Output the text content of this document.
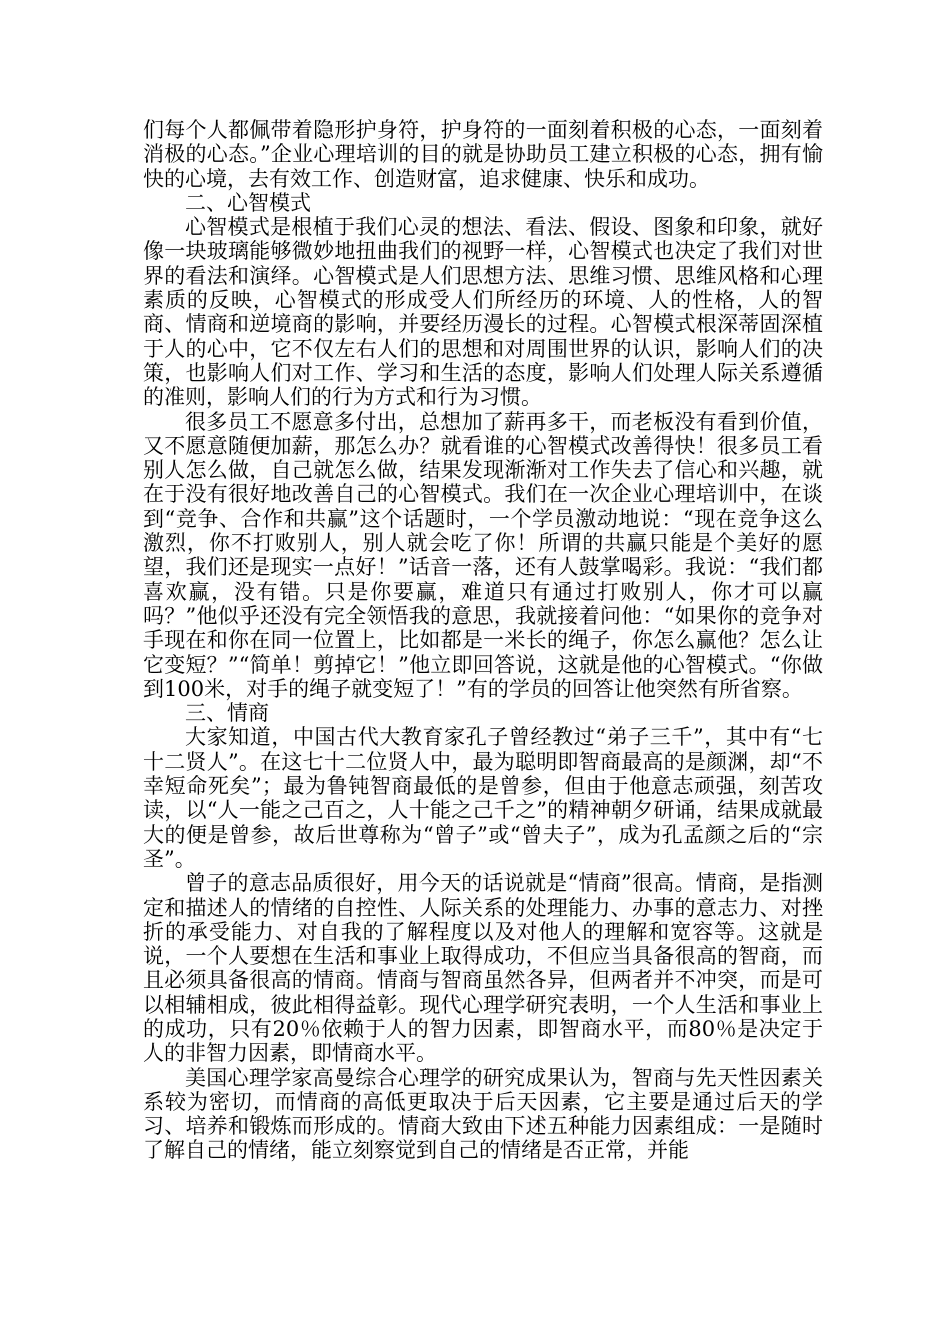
们每个人都佩带着隐形护身符，护身符的一面刻着积极的心态，一面刻着消极的心态。”企业心理培训的目的就是协助员工建立积极的心态，拥有愉快的心境，去有效工作、创造财富，追求健康、快乐和成功。

二、心智模式

心智模式是根植于我们心灵的想法、看法、假设、图象和印象，就好像一块玻璃能够微妙地扭曲我们的视野一样，心智模式也决定了我们对世界的看法和演绎。心智模式是人们思想方法、思维习惯、思维风格和心理素质的反映，心智模式的形成受人们所经历的环境、人的性格，人的智商、情商和逆境商的影响，并要经历漫长的过程。心智模式根深蒂固深植于人的心中，它不仅左右人们的思想和对周围世界的认识，影响人们的决策，也影响人们对工作、学习和生活的态度，影响人们处理人际关系遵循的准则，影响人们的行为方式和行为习惯。

很多员工不愿意多付出，总想加了薪再多干，而老板没有看到价值，又不愿意随便加薪，那怎么办？就看谁的心智模式改善得快！很多员工看别人怎么做，自己就怎么做，结果发现渐渐对工作失去了信心和兴趣，就在于没有很好地改善自己的心智模式。我们在一次企业心理培训中，在谈到“竞争、合作和共赢”这个话题时，一个学员激动地说：“现在竞争这么激烈，你不打败别人，别人就会吃了你！所谓的共赢只能是个美好的愿望，我们还是现实一点好！”话音一落，还有人鼓掌喝彩。我说：“我们都喜欢赢，没有错。只是你要赢，难道只有通过打败别人，你才可以赢吗？”他似乎还没有完全领悟我的意思，我就接着问他：“如果你的竞争对手现在和你在同一位置上，比如都是一米长的绳子，你怎么赢他？怎么让它变短？”“简单！剪掉它！”他立即回答说，这就是他的心智模式。“你做到100米，对手的绳子就变短了！”有的学员的回答让他突然有所省察。

三、情商

大家知道，中国古代大教育家孔子曾经教过“弟子三千”，其中有“七十二贤人”。在这七十二位贤人中，最为聪明即智商最高的是颜渊，却“不幸短命死矣”；最为鲁钝智商最低的是曾参，但由于他意志顽强，刻苦攻读，以“人一能之己百之，人十能之己千之”的精神朝夕研诵，结果成就最大的便是曾参，故后世尊称为“曾子”或“曾夫子”，成为孔孟颜之后的“宗圣”。

曾子的意志品质很好，用今天的话说就是“情商”很高。情商，是指测定和描述人的情绪的自控性、人际关系的处理能力、办事的意志力、对挫折的承受能力、对自我的了解程度以及对他人的理解和宽容等。这就是说，一个人要想在生活和事业上取得成功，不但应当具备很高的智商，而且必须具备很高的情商。情商与智商虽然各异，但两者并不冲突，而是可以相辅相成，彼此相得益彰。现代心理学研究表明，一个人生活和事业上的成功，只有20％依赖于人的智力因素，即智商水平，而80％是决定于人的非智力因素，即情商水平。

美国心理学家高曼综合心理学的研究成果认为，智商与先天性因素关系较为密切，而情商的高低更取决于后天因素，它主要是通过后天的学习、培养和锻炼而形成的。情商大致由下述五种能力因素组成：一是随时了解自己的情绪，能立刻察觉到自己的情绪是否正常，并能
